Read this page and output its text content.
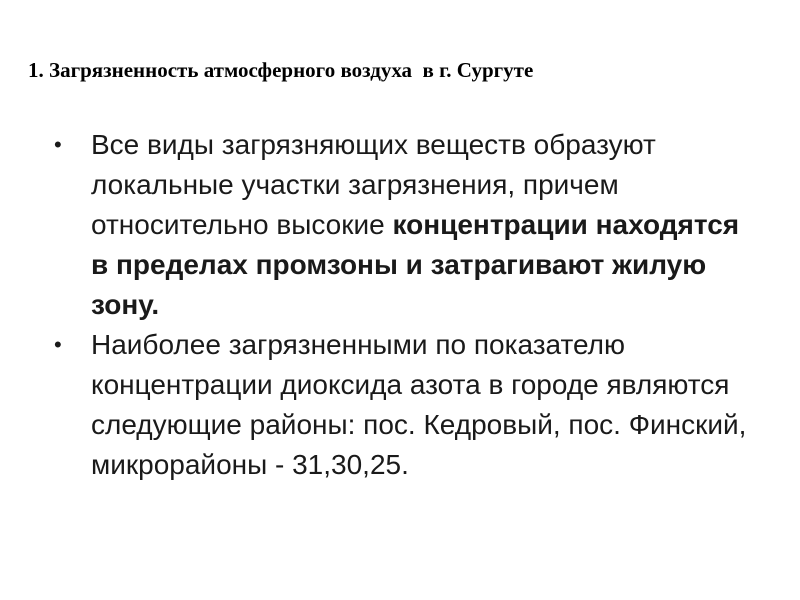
1. Загрязненность атмосферного воздуха  в г. Сургуте
• Все виды загрязняющих веществ образуют локальные участки загрязнения, причем относительно высокие концентрации находятся в пределах промзоны и затрагивают жилую зону.
• Наиболее загрязненными по показателю концентрации диоксида азота в городе являются следующие районы: пос. Кедровый, пос. Финский, микрорайоны - 31,30,25.
